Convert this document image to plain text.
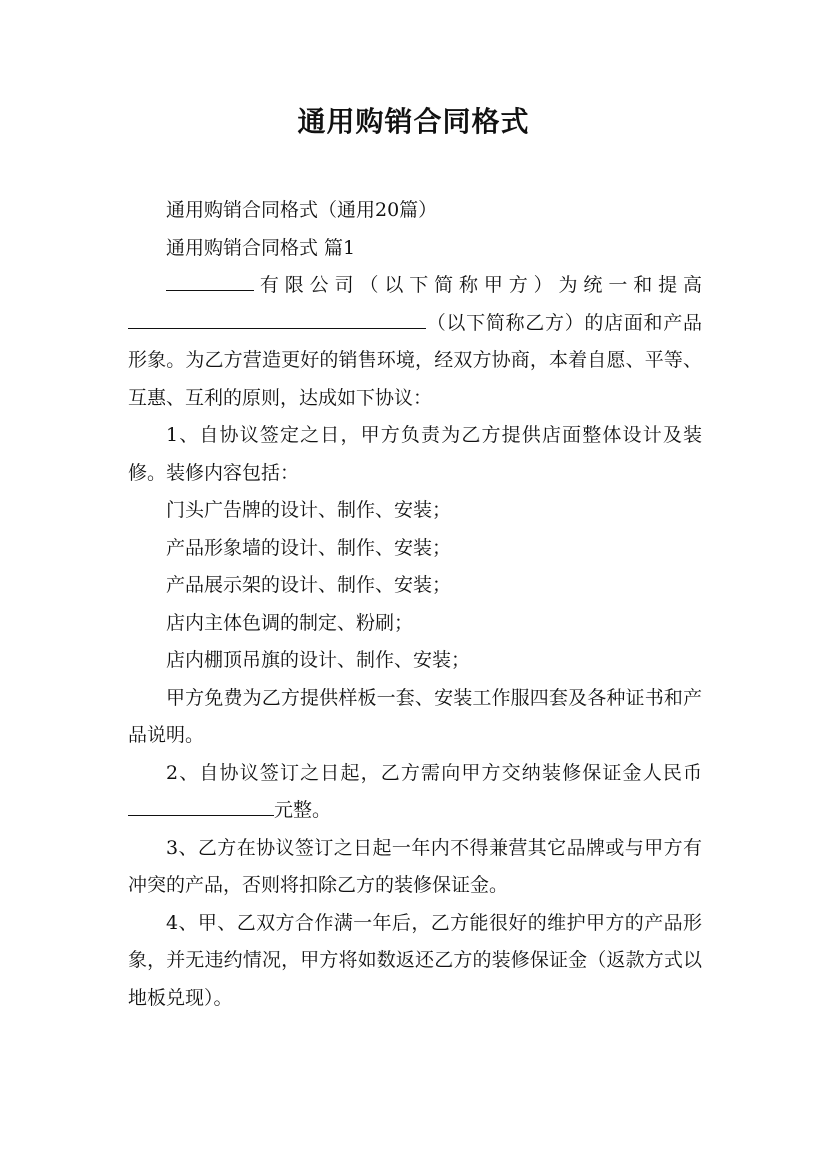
通用购销合同格式

通用购销合同格式（通用20篇）

通用购销合同格式 篇1

有限公司（以下简称甲方）为统一和提高（以下简称乙方）的店面和产品形象。为乙方营造更好的销售环境，经双方协商，本着自愿、平等、互惠、互利的原则，达成如下协议：

1、自协议签定之日，甲方负责为乙方提供店面整体设计及装修。装修内容包括：

门头广告牌的设计、制作、安装；

产品形象墙的设计、制作、安装；

产品展示架的设计、制作、安装；

店内主体色调的制定、粉刷；

店内棚顶吊旗的设计、制作、安装；

甲方免费为乙方提供样板一套、安装工作服四套及各种证书和产品说明。

2、自协议签订之日起，乙方需向甲方交纳装修保证金人民币元整。

3、乙方在协议签订之日起一年内不得兼营其它品牌或与甲方有冲突的产品，否则将扣除乙方的装修保证金。

4、甲、乙双方合作满一年后，乙方能很好的维护甲方的产品形象，并无违约情况，甲方将如数返还乙方的装修保证金（返款方式以地板兑现）。
